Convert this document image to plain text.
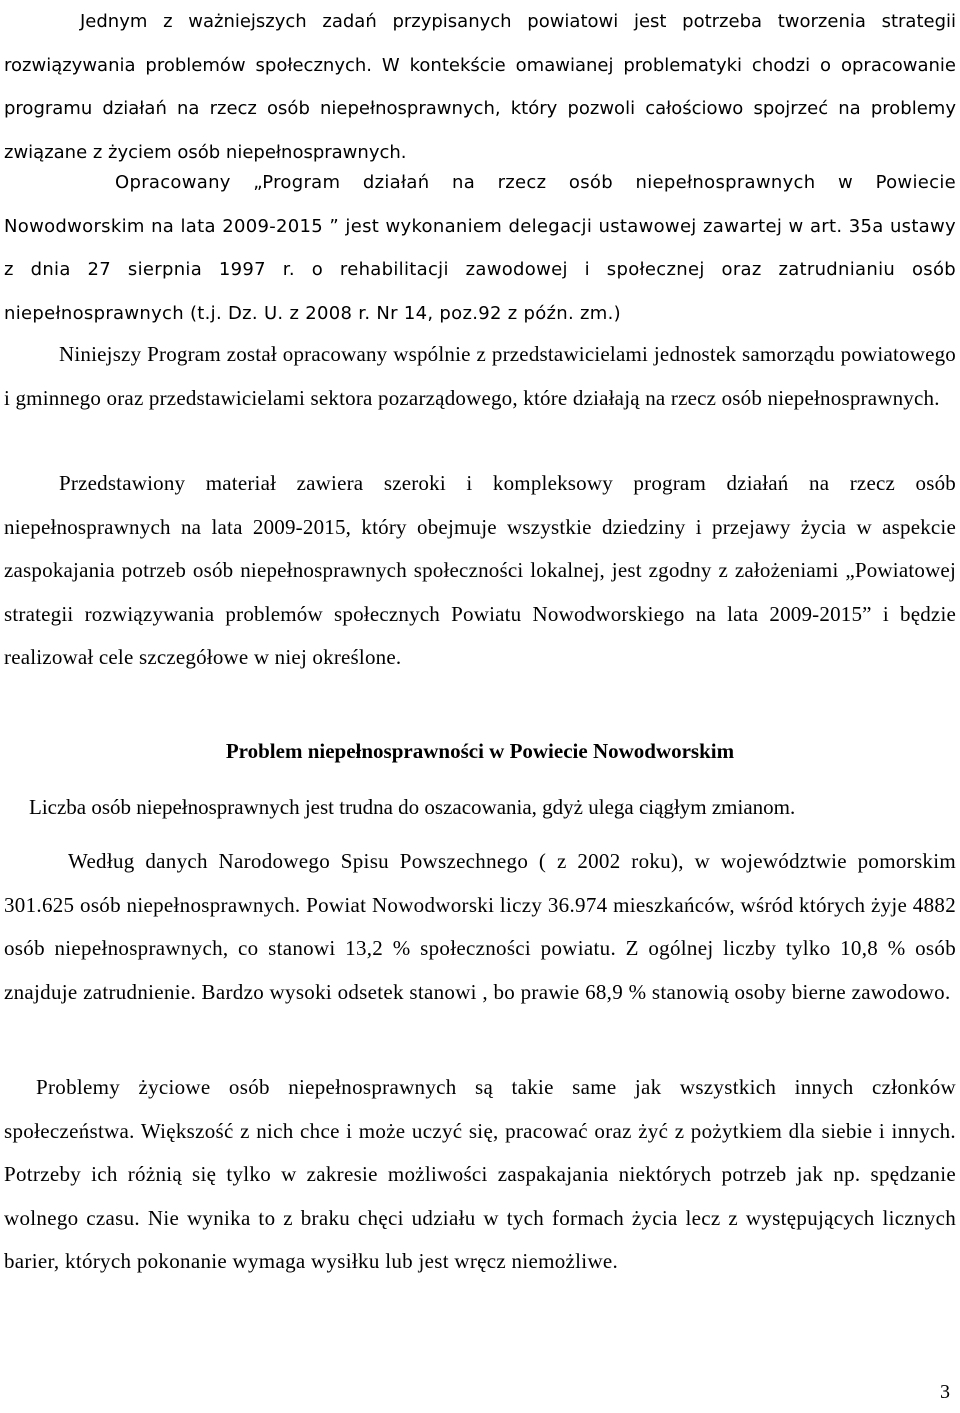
Jednym z ważniejszych zadań przypisanych powiatowi jest potrzeba tworzenia strategii rozwiązywania problemów społecznych. W kontekście omawianej problematyki chodzi o opracowanie programu działań na rzecz osób niepełnosprawnych, który pozwoli całościowo spojrzeć na problemy związane z życiem osób niepełnosprawnych.

Opracowany „Program działań na rzecz osób niepełnosprawnych w Powiecie Nowodworskim na lata 2009-2015 ” jest wykonaniem delegacji ustawowej zawartej w art. 35a ustawy z dnia 27 sierpnia 1997 r. o rehabilitacji zawodowej i społecznej oraz zatrudnianiu osób niepełnosprawnych (t.j. Dz. U. z 2008 r. Nr 14, poz.92 z późn. zm.)

Niniejszy Program został opracowany wspólnie z przedstawicielami jednostek samorządu powiatowego i gminnego oraz przedstawicielami sektora pozarządowego, które działają na rzecz osób niepełnosprawnych.

Przedstawiony materiał zawiera szeroki i kompleksowy program działań na rzecz osób niepełnosprawnych na lata 2009-2015, który obejmuje wszystkie dziedziny i przejawy życia w aspekcie zaspokajania potrzeb osób niepełnosprawnych społeczności lokalnej, jest zgodny z założeniami „Powiatowej strategii rozwiązywania problemów społecznych Powiatu Nowodworskiego na lata 2009-2015” i będzie realizował cele szczegółowe w niej określone.

Problem niepełnosprawności w Powiecie Nowodworskim

Liczba osób niepełnosprawnych jest trudna do oszacowania, gdyż ulega ciągłym zmianom.

Według danych Narodowego Spisu Powszechnego ( z 2002 roku), w województwie pomorskim 301.625 osób niepełnosprawnych. Powiat Nowodworski liczy 36.974 mieszkańców, wśród których żyje 4882 osób niepełnosprawnych, co stanowi 13,2 % społeczności powiatu. Z ogólnej liczby tylko 10,8 % osób znajduje zatrudnienie. Bardzo wysoki odsetek stanowi , bo prawie 68,9 % stanowią osoby bierne zawodowo.

Problemy życiowe osób niepełnosprawnych są takie same jak wszystkich innych członków społeczeństwa. Większość z nich chce i może uczyć się, pracować oraz żyć z pożytkiem dla siebie i innych. Potrzeby ich różnią się tylko w zakresie możliwości zaspakajania niektórych potrzeb jak np. spędzanie wolnego czasu. Nie wynika to z braku chęci udziału w tych formach życia lecz z występujących licznych barier, których pokonanie wymaga wysiłku lub jest wręcz niemożliwe.

3
